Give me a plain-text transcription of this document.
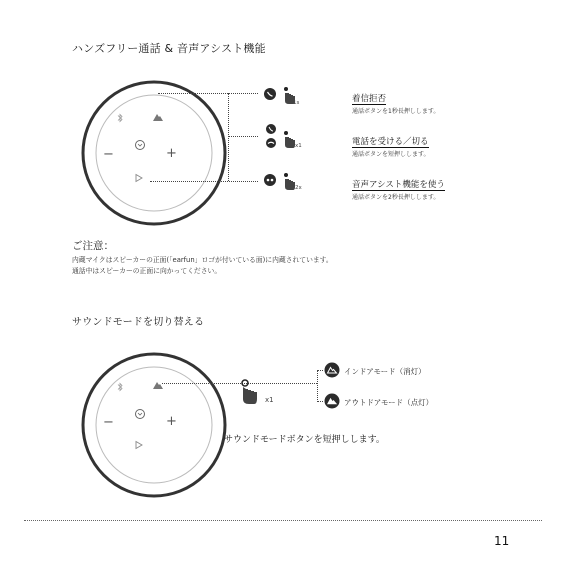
ハンズフリー通話 & 音声アシスト機能
−	+
1s
x1
2x
着信拒否
通話ボタンを1秒長押しします。
電話を受ける／切る
通話ボタンを短押しします。
音声アシスト機能を使う
通話ボタンを2秒長押しします。
ご注意：
内蔵マイクはスピーカーの正面(「earfun」ロゴが付いている面)に内蔵されています。
通話中はスピーカーの正面に向かってください。
サウンドモードを切り替える
−	+
x1
インドアモード（消灯）
アウトドアモード（点灯）
サウンドモードボタンを短押しします。
11
